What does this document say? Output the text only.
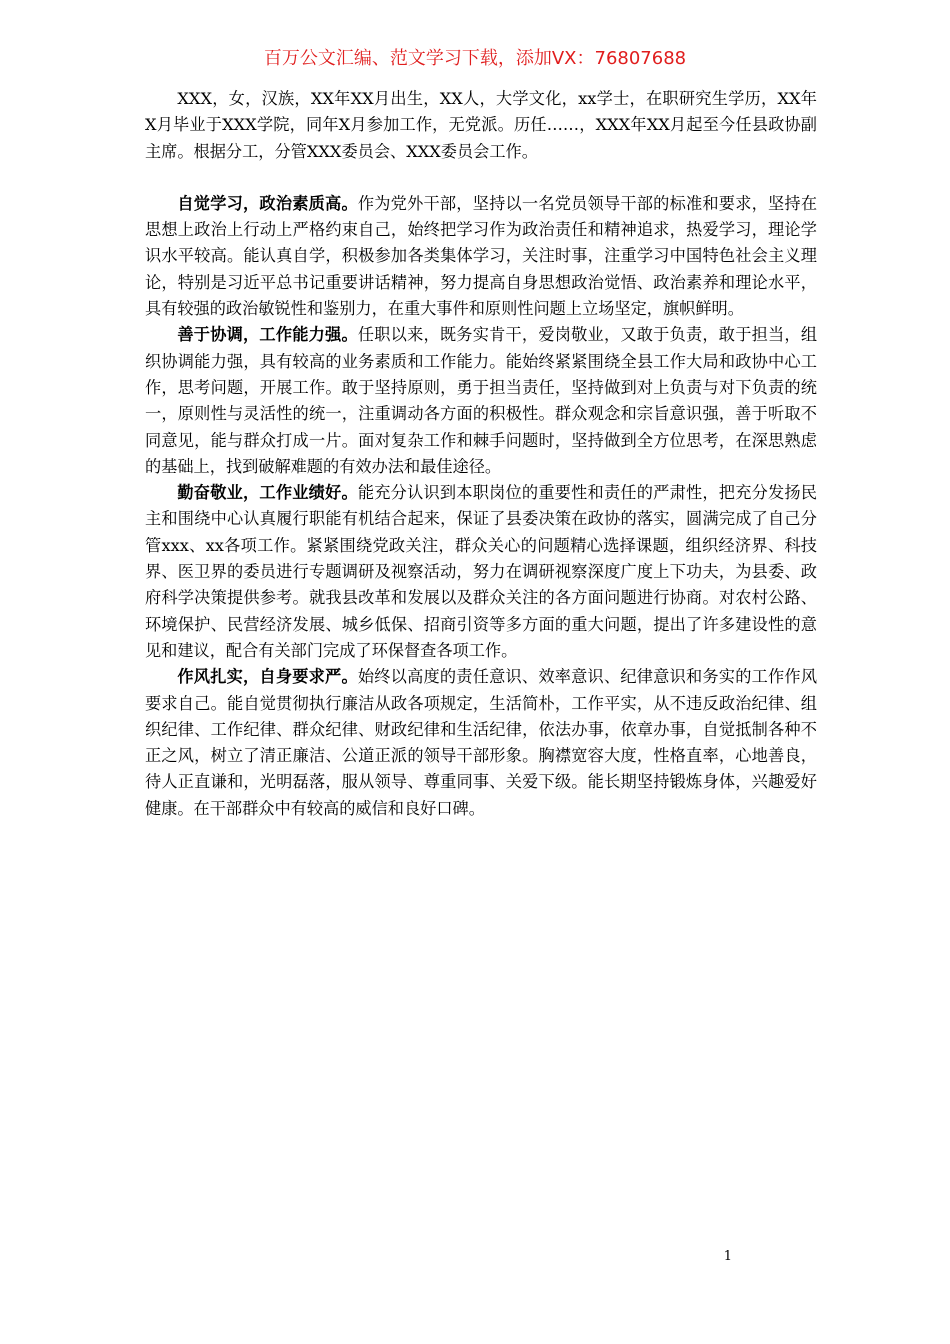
百万公文汇编、范文学习下载，添加VX：76807688

XXX，女，汉族，XX年XX月出生，XX人，大学文化，xx学士，在职研究生学历，XX年X月毕业于XXX学院，同年X月参加工作，无党派。历任……，XXX年XX月起至今任县政协副主席。根据分工，分管XXX委员会、XXX委员会工作。

自觉学习，政治素质高。作为党外干部，坚持以一名党员领导干部的标准和要求，坚持在思想上政治上行动上严格约束自己，始终把学习作为政治责任和精神追求，热爱学习，理论学识水平较高。能认真自学，积极参加各类集体学习，关注时事，注重学习中国特色社会主义理论，特别是习近平总书记重要讲话精神，努力提高自身思想政治觉悟、政治素养和理论水平，具有较强的政治敏锐性和鉴别力，在重大事件和原则性问题上立场坚定，旗帜鲜明。

善于协调，工作能力强。任职以来，既务实肯干，爱岗敬业，又敢于负责，敢于担当，组织协调能力强，具有较高的业务素质和工作能力。能始终紧紧围绕全县工作大局和政协中心工作，思考问题，开展工作。敢于坚持原则，勇于担当责任，坚持做到对上负责与对下负责的统一，原则性与灵活性的统一，注重调动各方面的积极性。群众观念和宗旨意识强，善于听取不同意见，能与群众打成一片。面对复杂工作和棘手问题时，坚持做到全方位思考，在深思熟虑的基础上，找到破解难题的有效办法和最佳途径。

勤奋敬业，工作业绩好。能充分认识到本职岗位的重要性和责任的严肃性，把充分发扬民主和围绕中心认真履行职能有机结合起来，保证了县委决策在政协的落实，圆满完成了自己分管xxx、xx各项工作。紧紧围绕党政关注，群众关心的问题精心选择课题，组织经济界、科技界、医卫界的委员进行专题调研及视察活动，努力在调研视察深度广度上下功夫，为县委、政府科学决策提供参考。就我县改革和发展以及群众关注的各方面问题进行协商。对农村公路、环境保护、民营经济发展、城乡低保、招商引资等多方面的重大问题，提出了许多建设性的意见和建议，配合有关部门完成了环保督查各项工作。

作风扎实，自身要求严。始终以高度的责任意识、效率意识、纪律意识和务实的工作作风要求自己。能自觉贯彻执行廉洁从政各项规定，生活简朴，工作平实，从不违反政治纪律、组织纪律、工作纪律、群众纪律、财政纪律和生活纪律，依法办事，依章办事，自觉抵制各种不正之风，树立了清正廉洁、公道正派的领导干部形象。胸襟宽容大度，性格直率，心地善良，待人正直谦和，光明磊落，服从领导、尊重同事、关爱下级。能长期坚持锻炼身体，兴趣爱好健康。在干部群众中有较高的威信和良好口碑。

1
